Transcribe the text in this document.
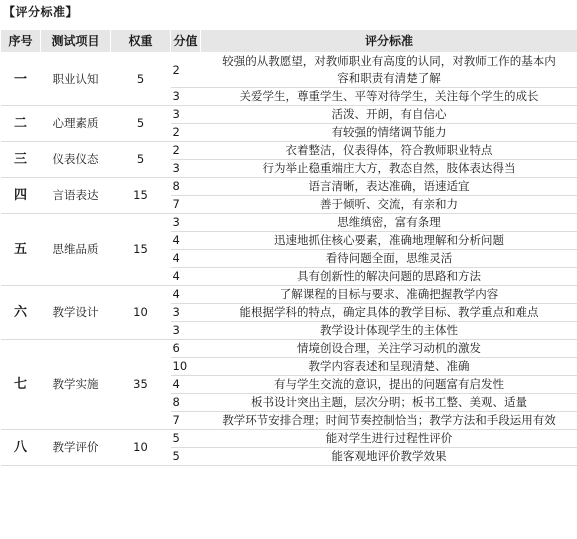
【评分标准】
序号	测试项目	权重	分值	评分标准
一	职业认知	5	2	较强的从教愿望，对教师职业有高度的认同，对教师工作的基本内
容和职责有清楚了解

			3	关爱学生，尊重学生、平等对待学生，关注每个学生的成长

二	心理素质	5	3	活泼、开朗，有自信心

			2	有较强的情绪调节能力

三	仪表仪态	5	2	衣着整洁，仪表得体，符合教师职业特点

			3	行为举止稳重端庄大方，教态自然，肢体表达得当

四	言语表达	15	8	语言清晰，表达准确，语速适宜

			7	善于倾听、交流，有亲和力

五	思维品质	15	3	思维缜密，富有条理

			4	迅速地抓住核心要素，准确地理解和分析问题

			4	看待问题全面，思维灵活

			4	具有创新性的解决问题的思路和方法

六	教学设计	10	4	了解课程的目标与要求、准确把握教学内容

			3	能根据学科的特点，确定具体的教学目标、教学重点和难点

			3	教学设计体现学生的主体性

七	教学实施	35	6	情境创设合理，关注学习动机的激发

			10	教学内容表述和呈现清楚、准确

			4	有与学生交流的意识，提出的问题富有启发性

			8	板书设计突出主题，层次分明；板书工整、美观、适量

			7	教学环节安排合理；时间节奏控制恰当；教学方法和手段运用有效

八	教学评价	10	5	能对学生进行过程性评价

			5	能客观地评价教学效果
